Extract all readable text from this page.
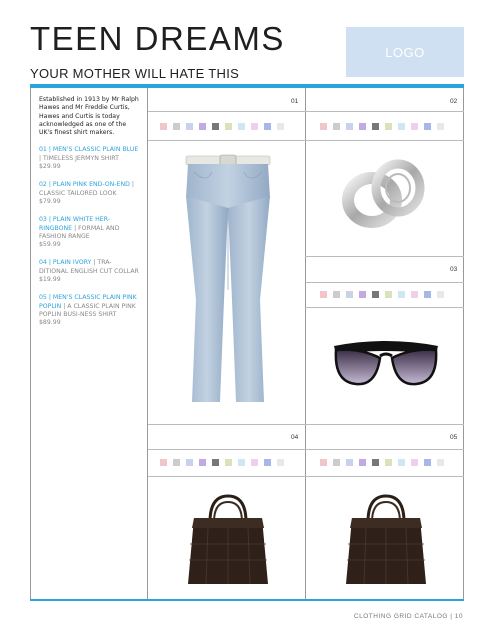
TEEN DREAMS
YOUR MOTHER WILL HATE THIS
LOGO
Established in 1913 by Mr Ralph Hawes and Mr Freddie Curtis, Hawes and Curtis is today acknowledged as one of the UK's finest shirt makers.
01 | MEN'S CLASSIC PLAIN BLUE | TIMELESS JERMYN SHIRT
$29.99
02 | PLAIN PINK END-ON-END | CLASSIC TAILORED LOOK
$79.99
03 | PLAIN WHITE HER-RINGBONE | FORMAL AND FASHION RANGE
$59.99
04 | PLAIN IVORY | TRA-DITIONAL ENGLISH CUT COLLAR
$19.99
05 | MEN'S CLASSIC PLAIN PINK POPLIN | A CLASSIC PLAIN PINK POPLIN BUSI-NESS SHIRT
$89.99
01	02
03
04	05
CLOTHING GRID CATALOG | 10
